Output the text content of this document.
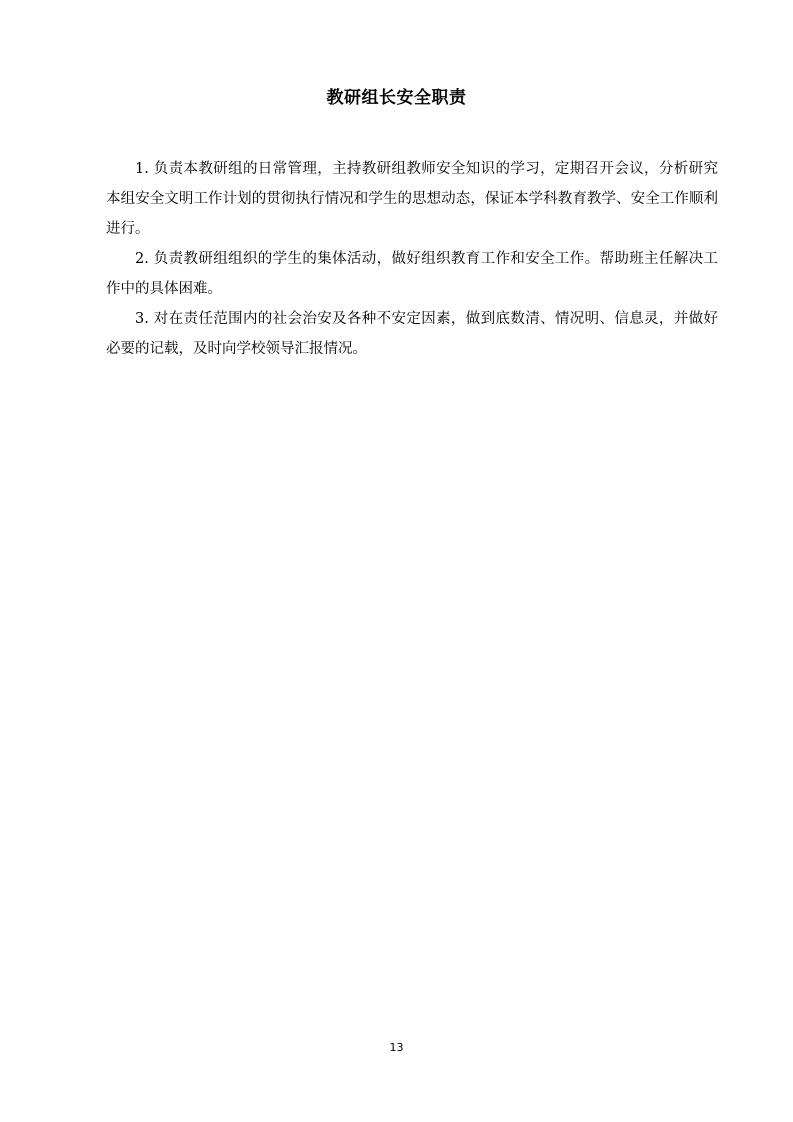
教研组长安全职责

1. 负责本教研组的日常管理，主持教研组教师安全知识的学习，定期召开会议，分析研究本组安全文明工作计划的贯彻执行情况和学生的思想动态，保证本学科教育教学、安全工作顺利进行。

2. 负责教研组组织的学生的集体活动，做好组织教育工作和安全工作。帮助班主任解决工作中的具体困难。

3. 对在责任范围内的社会治安及各种不安定因素，做到底数清、情况明、信息灵，并做好必要的记载，及时向学校领导汇报情况。

13
